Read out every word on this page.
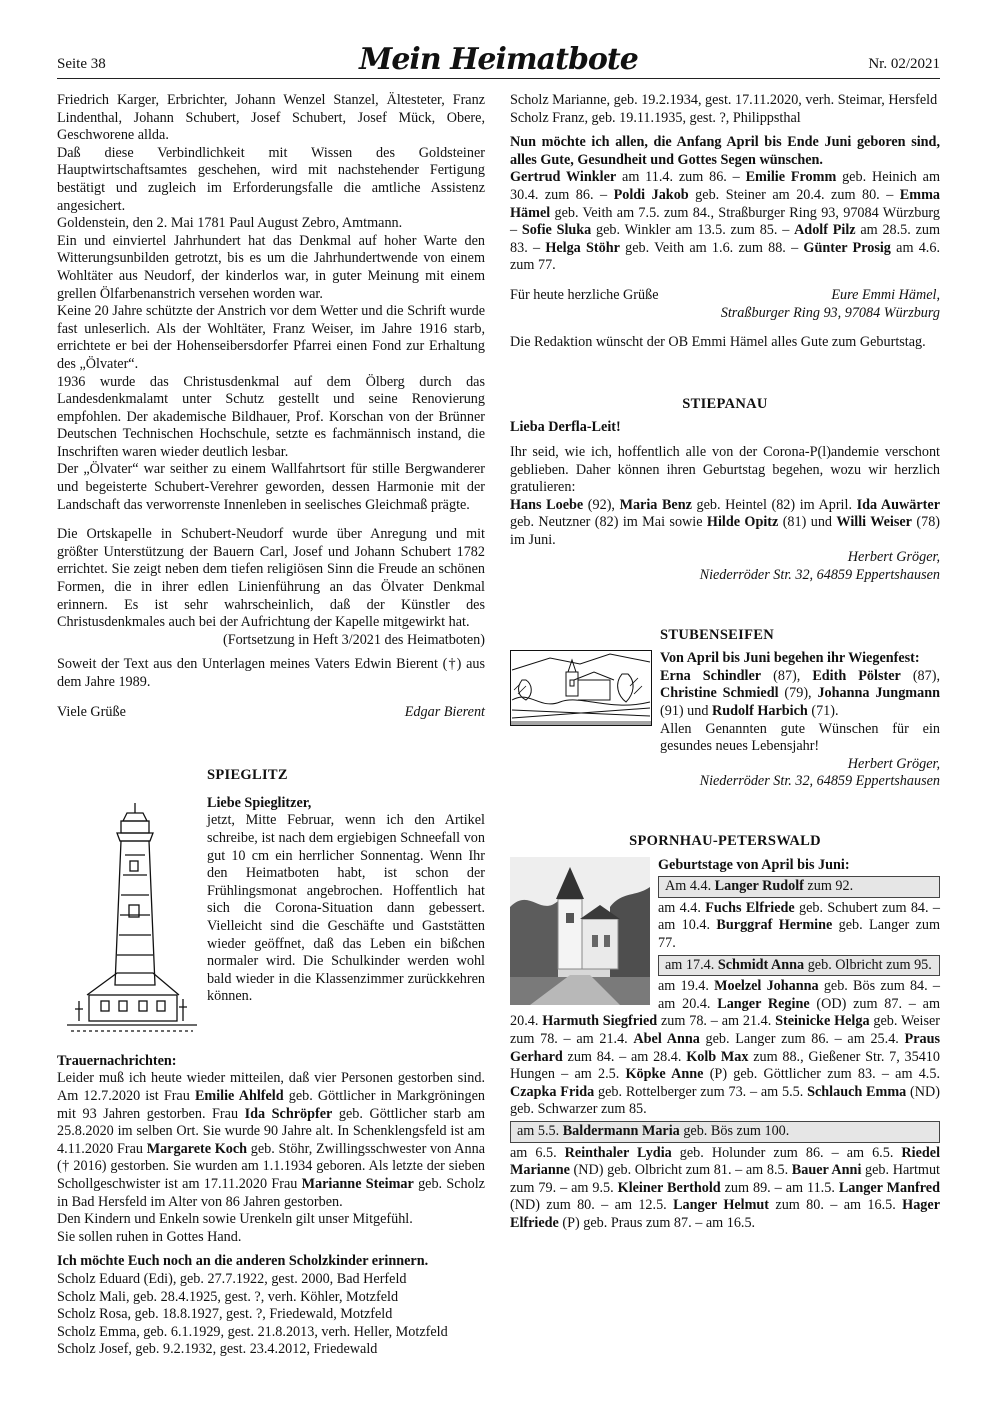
Seite 38	Mein Heimatbote	Nr. 02/2021

Friedrich Karger, Erbrichter, Johann Wenzel Stanzel, Ältesteter, Franz Lindenthal, Johann Schubert, Josef Schubert, Josef Mück, Obere, Geschworene allda.

Daß diese Verbindlichkeit mit Wissen des Goldsteiner Hauptwirtschaftsamtes geschehen, wird mit nachstehender Fertigung bestätigt und zugleich im Erforderungsfalle die amtliche Assistenz angesichert.

Goldenstein, den 2. Mai 1781 Paul August Zebro, Amtmann.

Ein und einviertel Jahrhundert hat das Denkmal auf hoher Warte den Witterungsunbilden getrotzt, bis es um die Jahrhundertwende von einem Wohltäter aus Neudorf, der kinderlos war, in guter Meinung mit einem grellen Ölfarbenanstrich versehen worden war.

Keine 20 Jahre schützte der Anstrich vor dem Wetter und die Schrift wurde fast unleserlich. Als der Wohltäter, Franz Weiser, im Jahre 1916 starb, errichtete er bei der Hohenseibersdorfer Pfarrei einen Fond zur Erhaltung des „Ölvater“.

1936 wurde das Christusdenkmal auf dem Ölberg durch das Landesdenkmalamt unter Schutz gestellt und seine Renovierung empfohlen. Der akademische Bildhauer, Prof. Korschan von der Brünner Deutschen Technischen Hochschule, setzte es fachmännisch instand, die Inschriften waren wieder deutlich lesbar.

Der „Ölvater“ war seither zu einem Wallfahrtsort für stille Bergwanderer und begeisterte Schubert-Verehrer geworden, dessen Harmonie mit der Landschaft das verworrenste Innenleben in seelisches Gleichmaß prägte.

Die Ortskapelle in Schubert-Neudorf wurde über Anregung und mit größter Unterstützung der Bauern Carl, Josef und Johann Schubert 1782 errichtet. Sie zeigt neben dem tiefen religiösen Sinn die Freude an schönen Formen, die in ihrer edlen Linienführung an das Ölvater Denkmal erinnern. Es ist sehr wahrscheinlich, daß der Künstler des Christusdenkmales auch bei der Aufrichtung der Kapelle mitgewirkt hat.
(Fortsetzung in Heft 3/2021 des Heimatboten)

Soweit der Text aus den Unterlagen meines Vaters Edwin Bierent (†) aus dem Jahre 1989.

Viele Grüße	Edgar Bierent
SPIEGLITZ

Liebe Spieglitzer,

jetzt, Mitte Februar, wenn ich den Artikel schreibe, ist nach dem ergiebigen Schneefall von gut 10 cm ein herrlicher Sonnentag. Wenn Ihr den Heimatboten habt, ist schon der Frühlingsmonat angebrochen. Hoffentlich hat sich die Corona-Situation dann gebessert. Vielleicht sind die Geschäfte und Gaststätten wieder geöffnet, daß das Leben ein bißchen normaler wird. Die Schulkinder werden wohl bald wieder in die Klassenzimmer zurückkehren können.

Trauernachrichten:

Leider muß ich heute wieder mitteilen, daß vier Personen gestorben sind. Am 12.7.2020 ist Frau Emilie Ahlfeld geb. Göttlicher in Markgröningen mit 93 Jahren gestorben. Frau Ida Schröpfer geb. Göttlicher starb am 25.8.2020 im selben Ort. Sie wurde 90 Jahre alt. In Schenklengsfeld ist am 4.11.2020 Frau Margarete Koch geb. Stöhr, Zwillingsschwester von Anna († 2016) gestorben. Sie wurden am 1.1.1934 geboren. Als letzte der sieben Schollgeschwister ist am 17.11.2020 Frau Marianne Steimar geb. Scholz in Bad Hersfeld im Alter von 86 Jahren gestorben.

Den Kindern und Enkeln sowie Urenkeln gilt unser Mitgefühl.

Sie sollen ruhen in Gottes Hand.

Ich möchte Euch noch an die anderen Scholzkinder erinnern.

Scholz Eduard (Edi), geb. 27.7.1922, gest. 2000, Bad Herfeld

Scholz Mali, geb. 28.4.1925, gest. ?, verh. Köhler, Motzfeld

Scholz Rosa, geb. 18.8.1927, gest. ?, Friedewald, Motzfeld

Scholz Emma, geb. 6.1.1929, gest. 21.8.2013, verh. Heller, Motzfeld

Scholz Josef, geb. 9.2.1932, gest. 23.4.2012, Friedewald

Scholz Marianne, geb. 19.2.1934, gest. 17.11.2020, verh. Steimar, Hersfeld

Scholz Franz, geb. 19.11.1935, gest. ?, Philippsthal

Nun möchte ich allen, die Anfang April bis Ende Juni geboren sind, alles Gute, Gesundheit und Gottes Segen wünschen.

Gertrud Winkler am 11.4. zum 86. – Emilie Fromm geb. Heinich am 30.4. zum 86. – Poldi Jakob geb. Steiner am 20.4. zum 80. – Emma Hämel geb. Veith am 7.5. zum 84., Straßburger Ring 93, 97084 Würzburg – Sofie Sluka geb. Winkler am 13.5. zum 85. – Adolf Pilz am 28.5. zum 83. – Helga Stöhr geb. Veith am 1.6. zum 88. – Günter Prosig am 4.6. zum 77.

Für heute herzliche Grüße	Eure Emmi Hämel,

Straßburger Ring 93, 97084 Würzburg

Die Redaktion wünscht der OB Emmi Hämel alles Gute zum Geburtstag.

STIEPANAU

Lieba Derfla-Leit!

Ihr seid, wie ich, hoffentlich alle von der Corona-P(l)andemie verschont geblieben. Daher können ihren Geburtstag begehen, wozu wir herzlich gratulieren:

Hans Loebe (92), Maria Benz geb. Heintel (82) im April. Ida Auwärter geb. Neutzner (82) im Mai sowie Hilde Opitz (81) und Willi Weiser (78) im Juni.

Herbert Gröger,

Niederröder Str. 32, 64859 Eppertshausen

STUBENSEIFEN

Von April bis Juni begehen ihr Wiegenfest:

Erna Schindler (87), Edith Pölster (87), Christine Schmiedl (79), Johanna Jungmann (91) und Rudolf Harbich (71).

Allen Genannten gute Wünschen für ein gesundes neues Lebensjahr!

Herbert Gröger,

Niederröder Str. 32, 64859 Eppertshausen

SPORNHAU-PETERSWALD

Geburtstage von April bis Juni:

Am 4.4. Langer Rudolf zum 92.

am 4.4. Fuchs Elfriede geb. Schubert zum 84. – am 10.4. Burggraf Hermine geb. Langer zum 77.

am 17.4. Schmidt Anna geb. Olbricht zum 95.

am 19.4. Moelzel Johanna geb. Bös zum 84. – am 20.4. Langer Regine (OD) zum 87. – am 20.4. Harmuth Siegfried zum 78. – am 21.4. Steinicke Helga geb. Weiser zum 78. – am 21.4. Abel Anna geb. Langer zum 86. – am 25.4. Praus Gerhard zum 84. – am 28.4. Kolb Max zum 88., Gießener Str. 7, 35410 Hungen – am 2.5. Köpke Anne (P) geb. Göttlicher zum 83. – am 4.5. Czapka Frida geb. Rottelberger zum 73. – am 5.5. Schlauch Emma (ND) geb. Schwarzer zum 85.

am 5.5. Baldermann Maria geb. Bös zum 100.

am 6.5. Reinthaler Lydia geb. Holunder zum 86. – am 6.5. Riedel Marianne (ND) geb. Olbricht zum 81. – am 8.5. Bauer Anni geb. Hartmut zum 79. – am 9.5. Kleiner Berthold zum 89. – am 11.5. Langer Manfred (ND) zum 80. – am 12.5. Langer Helmut zum 80. – am 16.5. Hager Elfriede (P) geb. Praus zum 87. – am 16.5.
